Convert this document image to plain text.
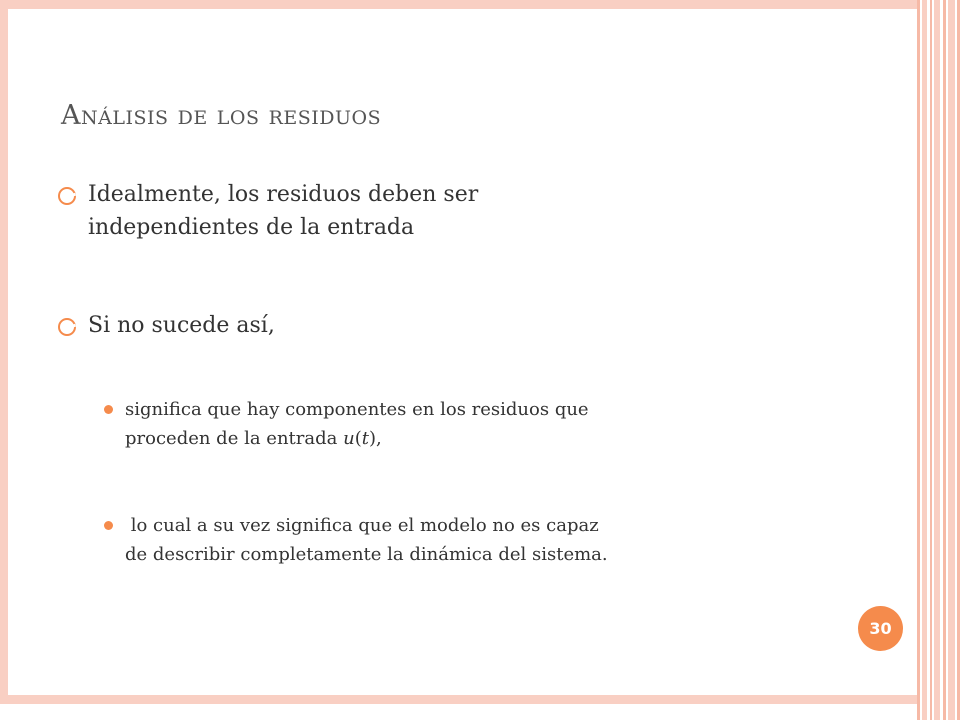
Análisis de los residuos
Idealmente, los residuos deben ser
independientes de la entrada
Si no sucede así,
significa que hay componentes en los residuos que
proceden de la entrada u(t),
lo cual a su vez significa que el modelo no es capaz
de describir completamente la dinámica del sistema.
30
